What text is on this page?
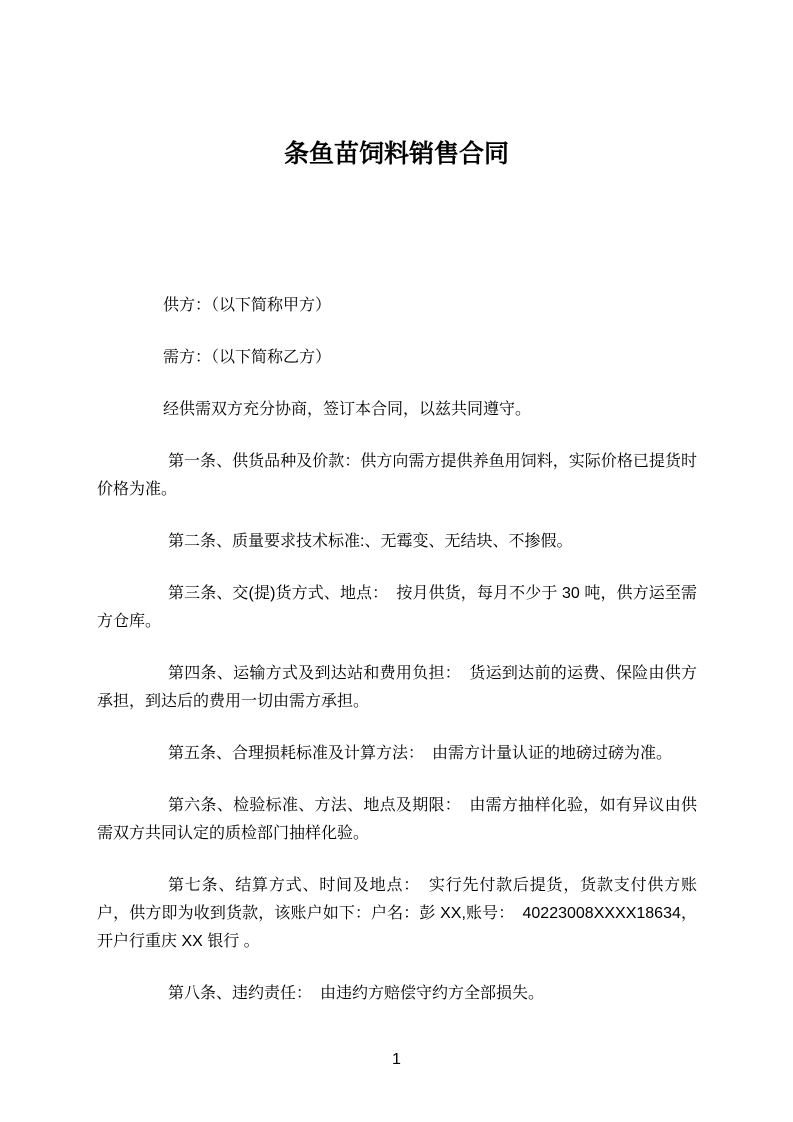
条鱼苗饲料销售合同

供方：（以下简称甲方）

需方：（以下简称乙方）

经供需双方充分协商，签订本合同，以兹共同遵守。

第一条、供货品种及价款：供方向需方提供养鱼用饲料，实际价格已提货时价格为准。

第二条、质量要求技术标准:、无霉变、无结块、不掺假。

第三条、交(提)货方式、地点：　按月供货，每月不少于 30 吨，供方运至需方仓库。

第四条、运输方式及到达站和费用负担：　货运到达前的运费、保险由供方承担，到达后的费用一切由需方承担。

第五条、合理损耗标准及计算方法：　由需方计量认证的地磅过磅为准。

第六条、检验标准、方法、地点及期限：　由需方抽样化验，如有异议由供需双方共同认定的质检部门抽样化验。

第七条、结算方式、时间及地点：　实行先付款后提货，货款支付供方账户，供方即为收到货款，该账户如下：户名：彭 XX,账号：　40223008XXXX18634，开户行重庆 XX 银行 。

第八条、违约责任：　由违约方赔偿守约方全部损失。

1
